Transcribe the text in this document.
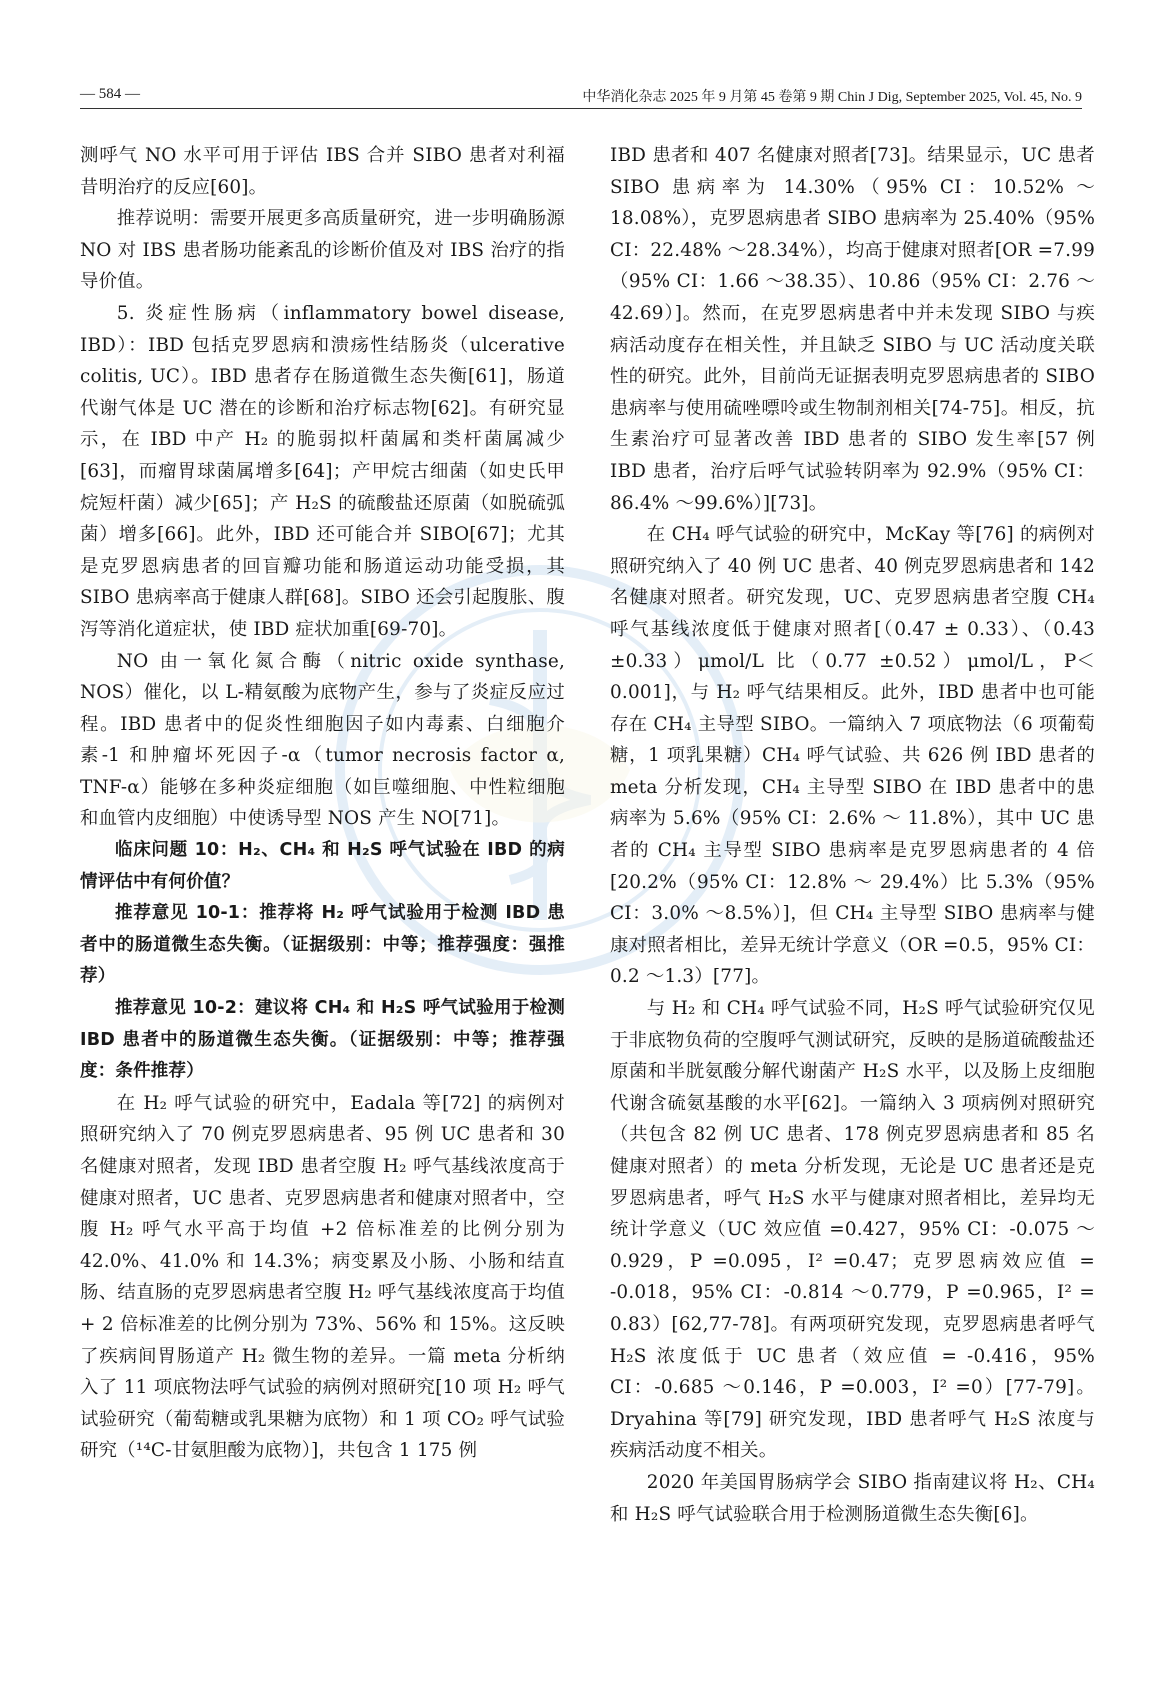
— 584 —	中华消化杂志 2025 年 9 月第 45 卷第 9 期 Chin J Dig, September 2025, Vol. 45, No. 9

测呼气 NO 水平可用于评估 IBS 合并 SIBO 患者对利福昔明治疗的反应[60]。

推荐说明：需要开展更多高质量研究，进一步明确肠源 NO 对 IBS 患者肠功能紊乱的诊断价值及对 IBS 治疗的指导价值。

5. 炎症性肠病（inflammatory bowel disease, IBD）：IBD 包括克罗恩病和溃疡性结肠炎（ulcerative colitis, UC）。IBD 患者存在肠道微生态失衡[61]，肠道代谢气体是 UC 潜在的诊断和治疗标志物[62]。有研究显示，在 IBD 中产 H₂ 的脆弱拟杆菌属和类杆菌属减少[63]，而瘤胃球菌属增多[64]；产甲烷古细菌（如史氏甲烷短杆菌）减少[65]；产 H₂S 的硫酸盐还原菌（如脱硫弧菌）增多[66]。此外，IBD 还可能合并 SIBO[67]；尤其是克罗恩病患者的回盲瓣功能和肠道运动功能受损，其 SIBO 患病率高于健康人群[68]。SIBO 还会引起腹胀、腹泻等消化道症状，使 IBD 症状加重[69-70]。

NO 由一氧化氮合酶（nitric oxide synthase, NOS）催化，以 L-精氨酸为底物产生，参与了炎症反应过程。IBD 患者中的促炎性细胞因子如内毒素、白细胞介素-1 和肿瘤坏死因子-α（tumor necrosis factor α, TNF-α）能够在多种炎症细胞（如巨噬细胞、中性粒细胞和血管内皮细胞）中使诱导型 NOS 产生 NO[71]。

临床问题 10：H₂、CH₄ 和 H₂S 呼气试验在 IBD 的病情评估中有何价值？

推荐意见 10-1：推荐将 H₂ 呼气试验用于检测 IBD 患者中的肠道微生态失衡。（证据级别：中等；推荐强度：强推荐）

推荐意见 10-2：建议将 CH₄ 和 H₂S 呼气试验用于检测 IBD 患者中的肠道微生态失衡。（证据级别：中等；推荐强度：条件推荐）

在 H₂ 呼气试验的研究中，Eadala 等[72] 的病例对照研究纳入了 70 例克罗恩病患者、95 例 UC 患者和 30 名健康对照者，发现 IBD 患者空腹 H₂ 呼气基线浓度高于健康对照者，UC 患者、克罗恩病患者和健康对照者中，空腹 H₂ 呼气水平高于均值 +2 倍标准差的比例分别为 42.0%、41.0% 和 14.3%；病变累及小肠、小肠和结直肠、结直肠的克罗恩病患者空腹 H₂ 呼气基线浓度高于均值 + 2 倍标准差的比例分别为 73%、56% 和 15%。这反映了疾病间胃肠道产 H₂ 微生物的差异。一篇 meta 分析纳入了 11 项底物法呼气试验的病例对照研究[10 项 H₂ 呼气试验研究（葡萄糖或乳果糖为底物）和 1 项 CO₂ 呼气试验研究（¹⁴C-甘氨胆酸为底物）]，共包含 1 175 例

IBD 患者和 407 名健康对照者[73]。结果显示，UC 患者 SIBO 患病率为 14.30%（95% CI：10.52% ～ 18.08%），克罗恩病患者 SIBO 患病率为 25.40%（95% CI：22.48% ～28.34%），均高于健康对照者[OR =7.99（95% CI：1.66 ～38.35）、10.86（95% CI：2.76 ～42.69）]。然而，在克罗恩病患者中并未发现 SIBO 与疾病活动度存在相关性，并且缺乏 SIBO 与 UC 活动度关联性的研究。此外，目前尚无证据表明克罗恩病患者的 SIBO 患病率与使用硫唑嘌呤或生物制剂相关[74-75]。相反，抗生素治疗可显著改善 IBD 患者的 SIBO 发生率[57 例 IBD 患者，治疗后呼气试验转阴率为 92.9%（95% CI：86.4% ～99.6%）][73]。

在 CH₄ 呼气试验的研究中，McKay 等[76] 的病例对照研究纳入了 40 例 UC 患者、40 例克罗恩病患者和 142 名健康对照者。研究发现，UC、克罗恩病患者空腹 CH₄ 呼气基线浓度低于健康对照者[（0.47 ± 0.33）、（0.43 ±0.33）μmol/L 比（0.77 ±0.52）μmol/L，P＜0.001]，与 H₂ 呼气结果相反。此外，IBD 患者中也可能存在 CH₄ 主导型 SIBO。一篇纳入 7 项底物法（6 项葡萄糖，1 项乳果糖）CH₄ 呼气试验、共 626 例 IBD 患者的 meta 分析发现，CH₄ 主导型 SIBO 在 IBD 患者中的患病率为 5.6%（95% CI：2.6% ～ 11.8%），其中 UC 患者的 CH₄ 主导型 SIBO 患病率是克罗恩病患者的 4 倍[20.2%（95% CI：12.8% ～ 29.4%）比 5.3%（95% CI：3.0% ～8.5%）]，但 CH₄ 主导型 SIBO 患病率与健康对照者相比，差异无统计学意义（OR =0.5，95% CI：0.2 ～1.3）[77]。

与 H₂ 和 CH₄ 呼气试验不同，H₂S 呼气试验研究仅见于非底物负荷的空腹呼气测试研究，反映的是肠道硫酸盐还原菌和半胱氨酸分解代谢菌产 H₂S 水平，以及肠上皮细胞代谢含硫氨基酸的水平[62]。一篇纳入 3 项病例对照研究（共包含 82 例 UC 患者、178 例克罗恩病患者和 85 名健康对照者）的 meta 分析发现，无论是 UC 患者还是克罗恩病患者，呼气 H₂S 水平与健康对照者相比，差异均无统计学意义（UC 效应值 =0.427，95% CI：-0.075 ～0.929，P =0.095，I² =0.47；克罗恩病效应值 = -0.018，95% CI：-0.814 ～0.779，P =0.965，I² = 0.83）[62,77-78]。有两项研究发现，克罗恩病患者呼气 H₂S 浓度低于 UC 患者（效应值 = -0.416，95% CI：-0.685 ～0.146，P =0.003，I² =0）[77-79]。Dryahina 等[79] 研究发现，IBD 患者呼气 H₂S 浓度与疾病活动度不相关。

2020 年美国胃肠病学会 SIBO 指南建议将 H₂、CH₄ 和 H₂S 呼气试验联合用于检测肠道微生态失衡[6]。
